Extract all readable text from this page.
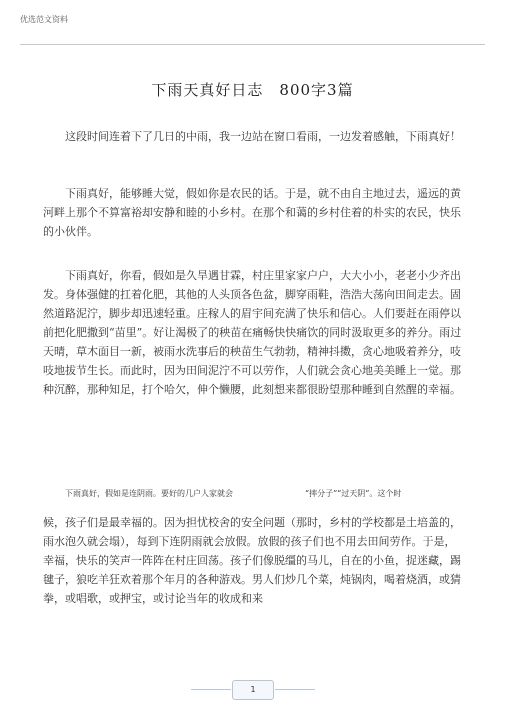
优选范文资料
下雨天真好日志　800字3篇

这段时间连着下了几日的中雨，我一边站在窗口看雨，一边发着感触，下雨真好！

下雨真好，能够睡大觉，假如你是农民的话。于是，就不由自主地过去，遥远的黄河畔上那个不算富裕却安静和睦的小乡村。在那个和蔼的乡村住着的朴实的农民，快乐的小伙伴。

下雨真好，你看，假如是久旱遇甘霖，村庄里家家户户，大大小小，老老小少齐出发。身体强健的扛着化肥，其他的人头顶各色盆，脚穿雨鞋，浩浩大荡向田间走去。固然道路泥泞，脚步却迅速轻重。庄稼人的眉宇间充满了快乐和信心。人们要赶在雨停以前把化肥撒到“苗里”。好让渴极了的秧苗在痛畅快快痛饮的同时汲取更多的养分。雨过天晴，草木面目一新，被雨水洗事后的秧苗生气勃勃，精神抖擞，贪心地吸着养分，吱吱地拔节生长。而此时，因为田间泥泞不可以劳作，人们就会贪心地美美睡上一觉。那种沉醉，那种知足，打个哈欠，伸个懒腰，此刻想来都很盼望那种睡到自然醒的幸福。

下雨真好，假如是连阴雨。要好的几户人家就会　　　　　　　　　“摔分子”“过天阴”。这个时

候，孩子们是最幸福的。因为担忧校舍的安全问题（那时，乡村的学校都是土培盖的，雨水泡久就会塌），每到下连阴雨就会放假。放假的孩子们也不用去田间劳作。于是，幸福，快乐的笑声一阵阵在村庄回荡。孩子们像脱缰的马儿，自在的小鱼，捉迷藏，踢毽子，狼吃羊狂欢着那个年月的各种游戏。男人们炒几个菜，炖锅肉，喝着烧酒，或猜拳，或唱歌，或押宝，或讨论当年的收成和来

1
